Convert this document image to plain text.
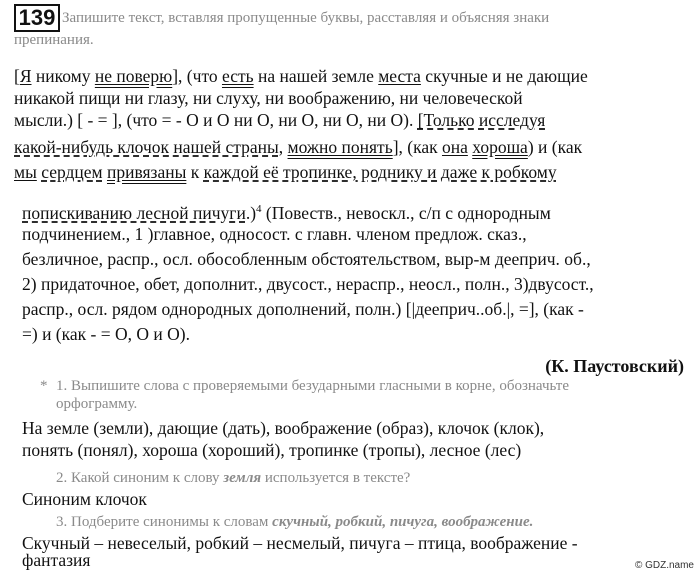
139 Запишите текст, вставляя пропущенные буквы, расставляя и объясняя знаки
препинания.
[Я никому не поверю], (что есть на нашей земле места скучные и не дающие
никакой пищи ни глазу, ни слуху, ни воображению, ни человеческой
мысли.) [ - = ], (что = - О и О ни О, ни О, ни О, ни О). [Только исследуя
какой-нибудь клочок нашей страны, можно понять], (как она хороша) и (как
мы сердцем привязаны к каждой её тропинке, роднику и даже к робкому
попискиванию лесной пичуги.)$^4$ (Повеств., невоскл., с/п с однородным
подчинением., 1 )главное, односост. с главн. членом предлож. сказ.,
безличное, распр., осл. обособленным обстоятельством, выр-м дееприч. об.,
2) придаточное, обет, дополнит., двусост., нераспр., неосл., полн., 3)двусост.,
распр., осл. рядом однородных дополнений, полн.) [|дееприч..об.|, =], (как -
=) и (как - = О, О и О).
(К. Паустовский)
* 1. Выпишите слова с проверяемыми безударными гласными в корне, обозначьте
орфограмму.
На земле (земли), дающие (дать), воображение (образ), клочок (клок),
понять (понял), хороша (хороший), тропинке (тропы), лесное (лес)
2. Какой синоним к слову земля используется в тексте?
Синоним клочок
3. Подберите синонимы к словам скучный, робкий, пичуга, воображение.
Скучный – невеселый, робкий – несмелый, пичуга – птица, воображение -
фантазия	© GDZ.name
